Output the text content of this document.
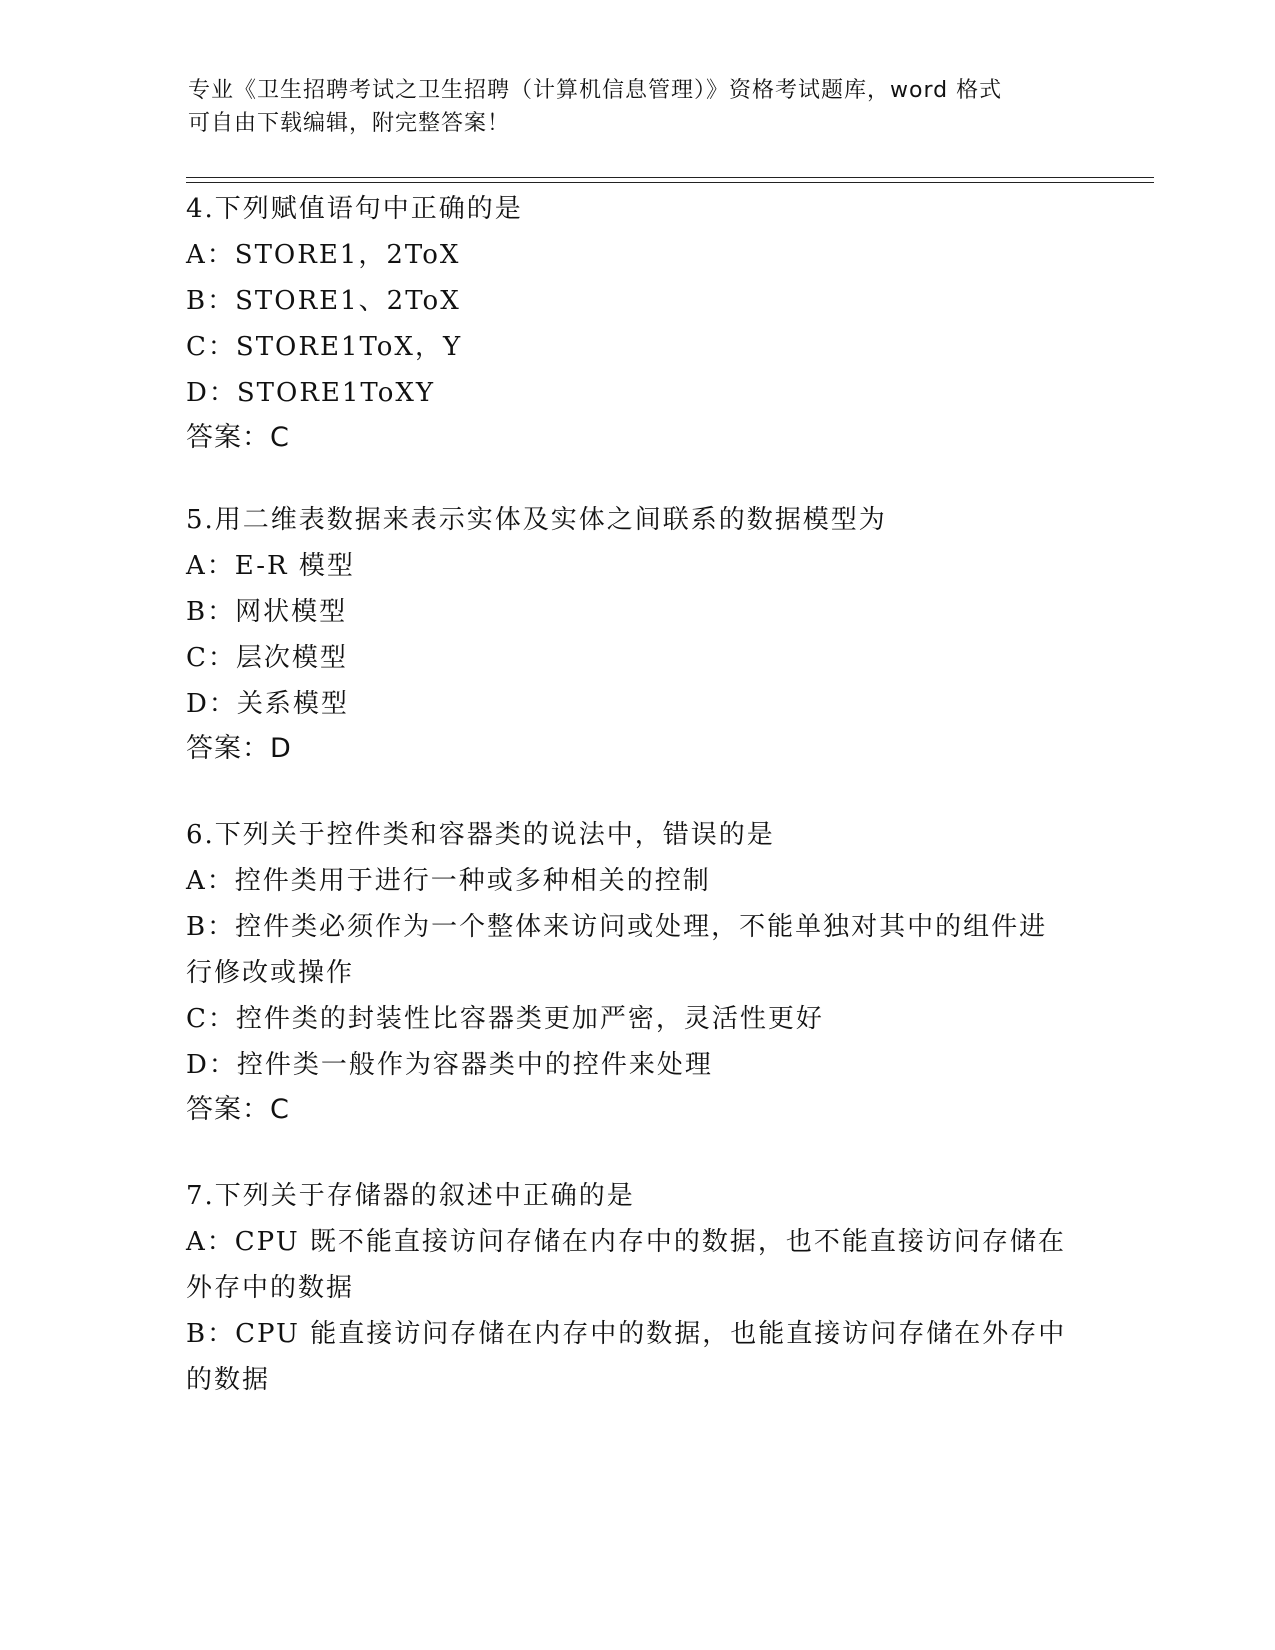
专业《卫生招聘考试之卫生招聘（计算机信息管理）》资格考试题库，word 格式
可自由下载编辑，附完整答案！
4.下列赋值语句中正确的是
A：STORE1，2ToX
B：STORE1、2ToX
C：STORE1ToX，Y
D：STORE1ToXY
答案：C
5.用二维表数据来表示实体及实体之间联系的数据模型为
A：E-R 模型
B：网状模型
C：层次模型
D：关系模型
答案：D
6.下列关于控件类和容器类的说法中，错误的是
A：控件类用于进行一种或多种相关的控制
B：控件类必须作为一个整体来访问或处理，不能单独对其中的组件进
行修改或操作
C：控件类的封装性比容器类更加严密，灵活性更好
D：控件类一般作为容器类中的控件来处理
答案：C
7.下列关于存储器的叙述中正确的是
A：CPU 既不能直接访问存储在内存中的数据，也不能直接访问存储在
外存中的数据
B：CPU 能直接访问存储在内存中的数据，也能直接访问存储在外存中
的数据
